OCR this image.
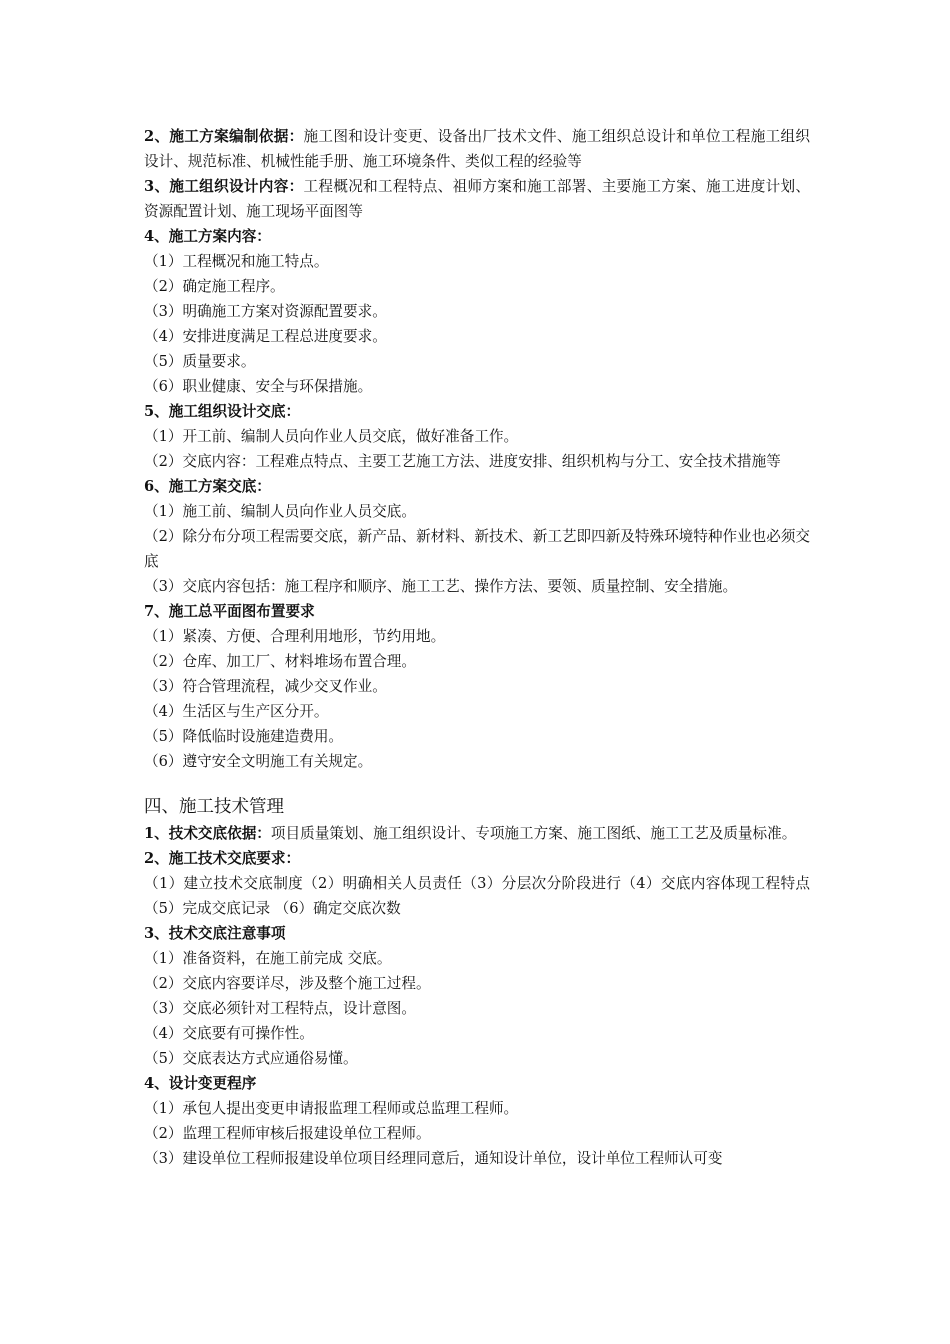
2、施工方案编制依据：施工图和设计变更、设备出厂技术文件、施工组织总设计和单位工程施工组织设计、规范标准、机械性能手册、施工环境条件、类似工程的经验等
3、施工组织设计内容：工程概况和工程特点、祖师方案和施工部署、主要施工方案、施工进度计划、资源配置计划、施工现场平面图等
4、施工方案内容：
（1）工程概况和施工特点。
（2）确定施工程序。
（3）明确施工方案对资源配置要求。
（4）安排进度满足工程总进度要求。
（5）质量要求。
（6）职业健康、安全与环保措施。
5、施工组织设计交底：
（1）开工前、编制人员向作业人员交底，做好准备工作。
（2）交底内容：工程难点特点、主要工艺施工方法、进度安排、组织机构与分工、安全技术措施等
6、施工方案交底：
（1）施工前、编制人员向作业人员交底。
（2）除分布分项工程需要交底，新产品、新材料、新技术、新工艺即四新及特殊环境特种作业也必须交底
（3）交底内容包括：施工程序和顺序、施工工艺、操作方法、要领、质量控制、安全措施。
7、施工总平面图布置要求
（1）紧凑、方便、合理利用地形，节约用地。
（2）仓库、加工厂、材料堆场布置合理。
（3）符合管理流程，减少交叉作业。
（4）生活区与生产区分开。
（5）降低临时设施建造费用。
（6）遵守安全文明施工有关规定。
四、施工技术管理
1、技术交底依据：项目质量策划、施工组织设计、专项施工方案、施工图纸、施工工艺及质量标准。
2、施工技术交底要求：
（1）建立技术交底制度（2）明确相关人员责任（3）分层次分阶段进行（4）交底内容体现工程特点 （5）完成交底记录 （6）确定交底次数
3、技术交底注意事项
（1）准备资料，在施工前完成 交底。
（2）交底内容要详尽，涉及整个施工过程。
（3）交底必须针对工程特点，设计意图。
（4）交底要有可操作性。
（5）交底表达方式应通俗易懂。
4、设计变更程序
（1）承包人提出变更申请报监理工程师或总监理工程师。
（2）监理工程师审核后报建设单位工程师。
（3）建设单位工程师报建设单位项目经理同意后，通知设计单位，设计单位工程师认可变
